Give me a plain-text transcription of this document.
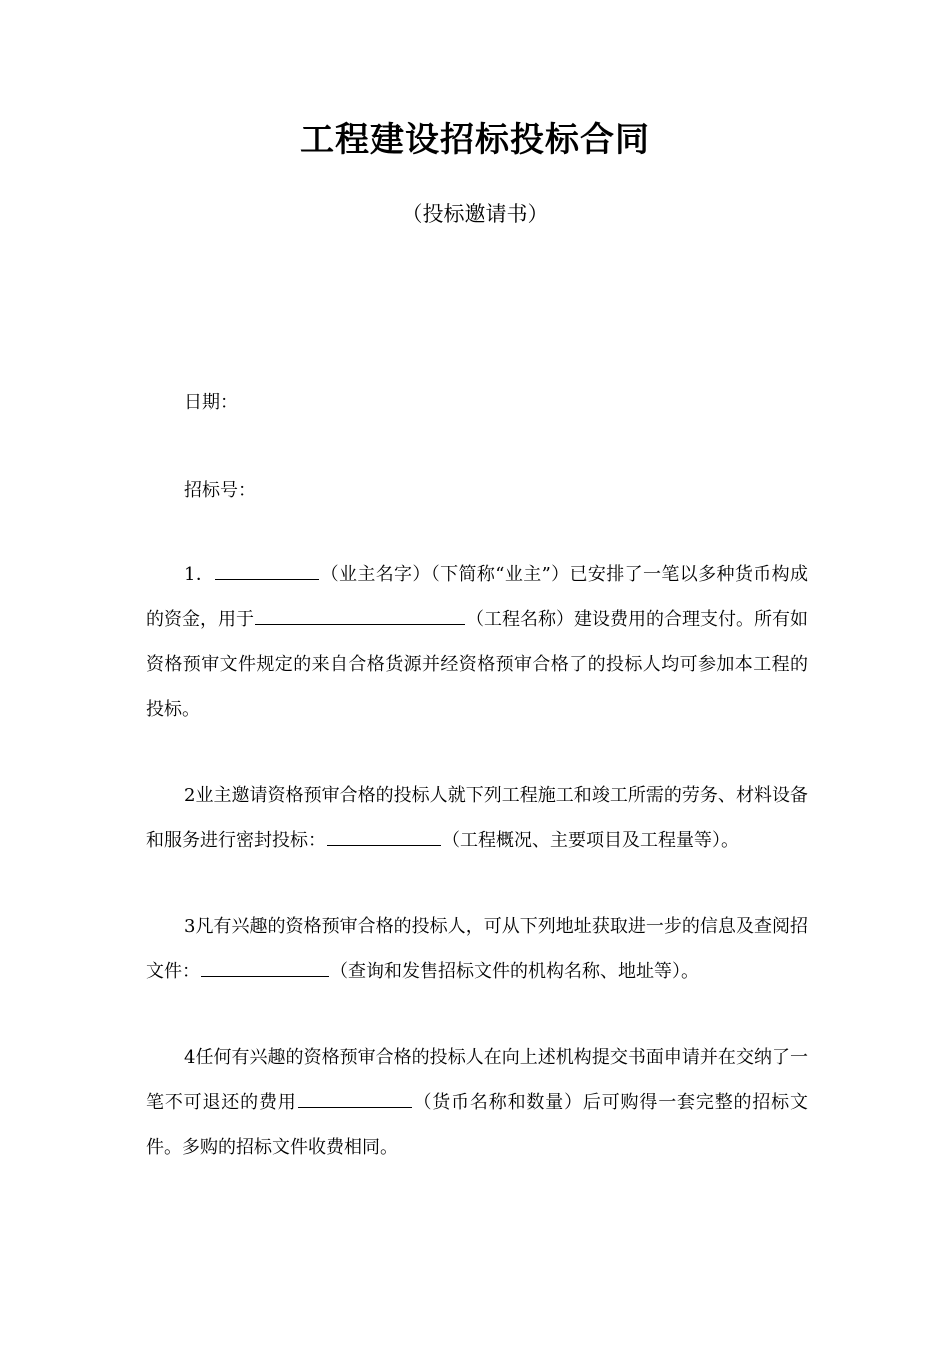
工程建设招标投标合同

（投标邀请书）

日期：

招标号：

1．	（业主名字）（下简称“业主”）已安排了一笔以多种货币构成的资金，用于	（工程名称）建设费用的合理支付。所有如资格预审文件规定的来自合格货源并经资格预审合格了的投标人均可参加本工程的投标。

2业主邀请资格预审合格的投标人就下列工程施工和竣工所需的劳务、材料设备和服务进行密封投标：	（工程概况、主要项目及工程量等）。

3凡有兴趣的资格预审合格的投标人，可从下列地址获取进一步的信息及查阅招文件：	（查询和发售招标文件的机构名称、地址等）。

4任何有兴趣的资格预审合格的投标人在向上述机构提交书面申请并在交纳了一笔不可退还的费用	（货币名称和数量）后可购得一套完整的招标文件。多购的招标文件收费相同。
